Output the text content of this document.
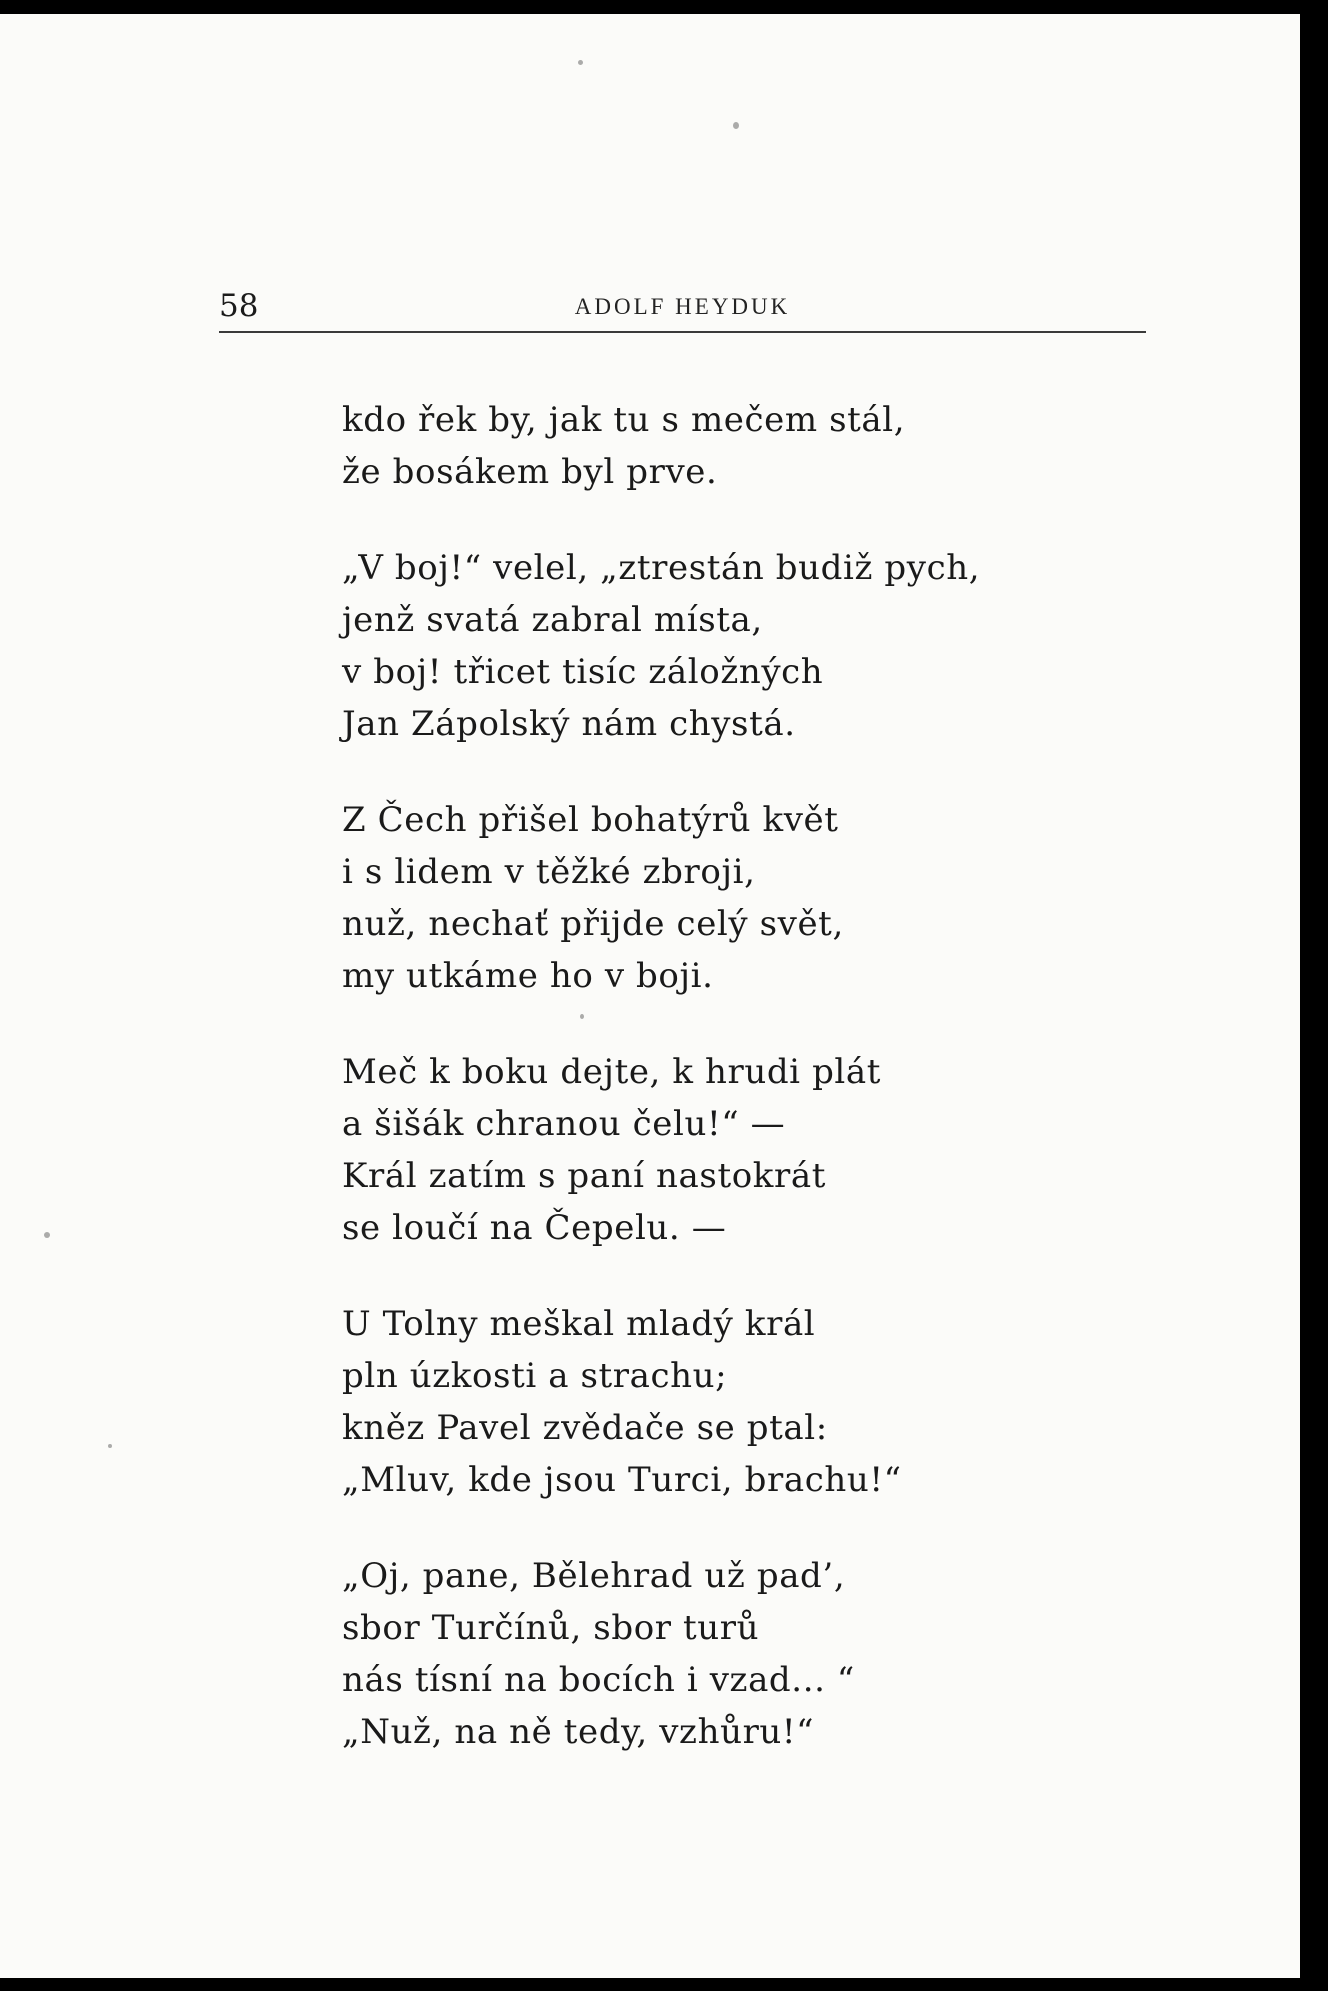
58	ADOLF HEYDUK
kdo řek by, jak tu s mečem stál,
že bosákem byl prve.
„V boj!“ velel, „ztrestán budiž pych,
jenž svatá zabral místa,
v boj! třicet tisíc záložných
Jan Zápolský nám chystá.
Z Čech přišel bohatýrů květ
i s lidem v těžké zbroji,
nuž, nechať přijde celý svět,
my utkáme ho v boji.
Meč k boku dejte, k hrudi plát
a šišák chranou čelu!“ —
Král zatím s paní nastokrát
se loučí na Čepelu. —
U Tolny meškal mladý král
pln úzkosti a strachu;
kněz Pavel zvědače se ptal:
„Mluv, kde jsou Turci, brachu!“
„Oj, pane, Bělehrad už pad’,
sbor Turčínů, sbor turů
nás tísní na bocích i vzad... “
„Nuž, na ně tedy, vzhůru!“
